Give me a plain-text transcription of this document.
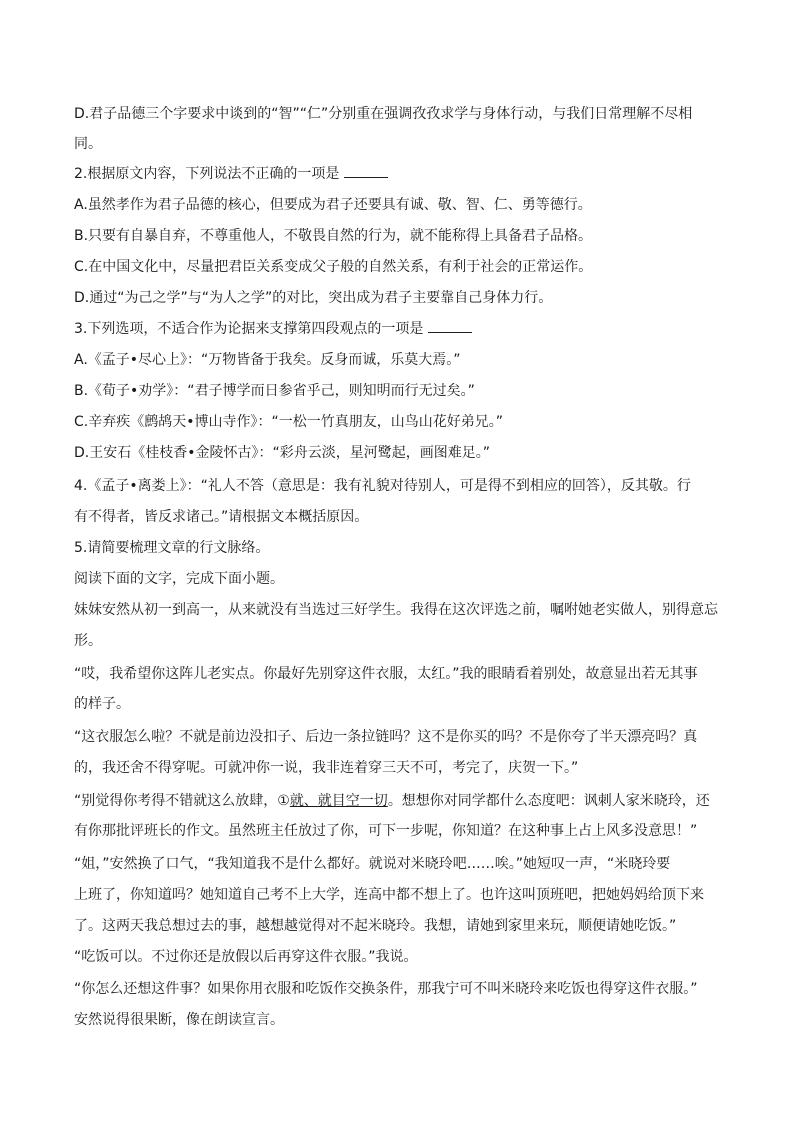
D.君子品德三个字要求中谈到的“智”“仁”分别重在强调孜孜求学与身体行动，与我们日常理解不尽相
同。
2.根据原文内容，下列说法不正确的一项是
A.虽然孝作为君子品德的核心，但要成为君子还要具有诚、敬、智、仁、勇等德行。
B.只要有自暴自弃，不尊重他人，不敬畏自然的行为，就不能称得上具备君子品格。
C.在中国文化中，尽量把君臣关系变成父子般的自然关系，有利于社会的正常运作。
D.通过“为己之学”与“为人之学”的对比，突出成为君子主要靠自己身体力行。
3.下列选项，不适合作为论据来支撑第四段观点的一项是
A.《孟子•尽心上》：“万物皆备于我矣。反身而诚，乐莫大焉。”
B.《荀子•劝学》：“君子博学而日参省乎己，则知明而行无过矣。”
C.辛弃疾《鹧鸪天•博山寺作》：“一松一竹真朋友，山鸟山花好弟兄。”
D.王安石《桂枝香•金陵怀古》：“彩舟云淡，星河鹭起，画图难足。”
4.《孟子•离娄上》：“礼人不答（意思是：我有礼貌对待别人，可是得不到相应的回答），反其敬。行
有不得者，皆反求诸己。”请根据文本概括原因。
5.请简要梳理文章的行文脉络。
阅读下面的文字，完成下面小题。
妹妹安然从初一到高一，从来就没有当选过三好学生。我得在这次评选之前，嘱咐她老实做人，别得意忘
形。
“哎，我希望你这阵儿老实点。你最好先别穿这件衣服，太红。”我的眼睛看着别处，故意显出若无其事
的样子。
“这衣服怎么啦？不就是前边没扣子、后边一条拉链吗？这不是你买的吗？不是你夸了半天漂亮吗？真
的，我还舍不得穿呢。可就冲你一说，我非连着穿三天不可，考完了，庆贺一下。”
“别觉得你考得不错就这么放肆，①就、就目空一切。想想你对同学都什么态度吧：讽刺人家米晓玲，还
有你那批评班长的作文。虽然班主任放过了你，可下一步呢，你知道？在这种事上占上风多没意思！”
“姐，”安然换了口气，“我知道我不是什么都好。就说对米晓玲吧……唉。”她短叹一声，“米晓玲要
上班了，你知道吗？她知道自己考不上大学，连高中都不想上了。也许这叫顶班吧，把她妈妈给顶下来
了。这两天我总想过去的事，越想越觉得对不起米晓玲。我想，请她到家里来玩，顺便请她吃饭。”
“吃饭可以。不过你还是放假以后再穿这件衣服。”我说。
“你怎么还想这件事？如果你用衣服和吃饭作交换条件，那我宁可不叫米晓玲来吃饭也得穿这件衣服。”
安然说得很果断，像在朗读宣言。
